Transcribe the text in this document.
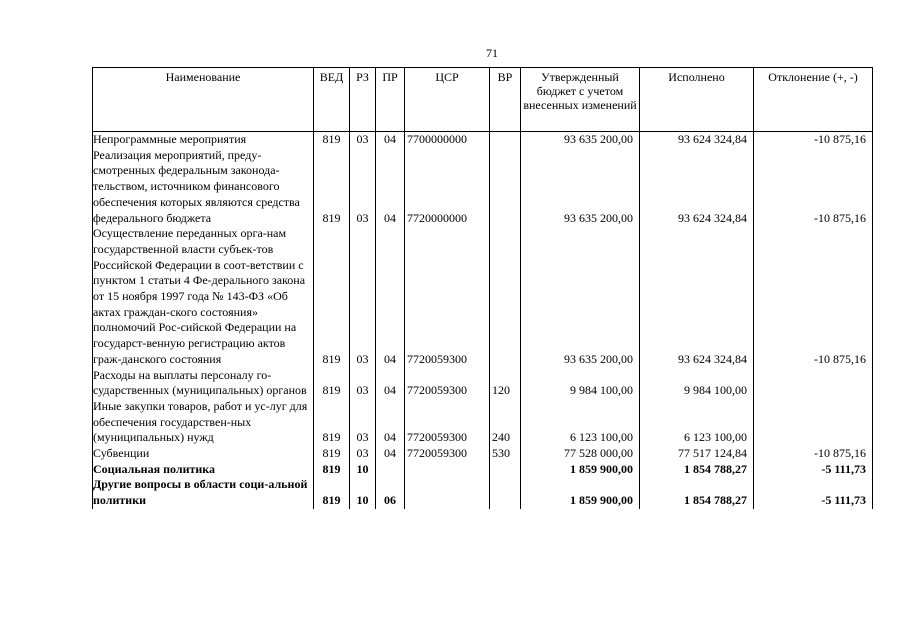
71
Наименование	ВЕД	РЗ	ПР	ЦСР	ВР	Утвержденный бюджет с учетом внесенных изменений	Исполнено	Отклонение (+, -)
Непрограммные мероприятия	819	03	04	7700000000		93 635 200,00	93 624 324,84	-10 875,16
Реализация мероприятий, преду-смотренных федеральным законода-тельством, источником финансового обеспечения которых являются средства федерального бюджета	819	03	04	7720000000		93 635 200,00	93 624 324,84	-10 875,16
Осуществление переданных орга-нам государственной власти субъек-тов Российской Федерации в соот-ветствии с пунктом 1 статьи 4 Фе-дерального закона от 15 ноября 1997 года № 143-ФЗ «Об актах граждан-ского состояния» полномочий Рос-сийской Федерации на государст-венную регистрацию актов граж-данского состояния	819	03	04	7720059300		93 635 200,00	93 624 324,84	-10 875,16
Расходы на выплаты персоналу го-сударственных (муниципальных) органов	819	03	04	7720059300	120	9 984 100,00	9 984 100,00	
Иные закупки товаров, работ и ус-луг для обеспечения государствен-ных (муниципальных) нужд	819	03	04	7720059300	240	6 123 100,00	6 123 100,00	
Субвенции	819	03	04	7720059300	530	77 528 000,00	77 517 124,84	-10 875,16
Социальная политика	819	10				1 859 900,00	1 854 788,27	-5 111,73
Другие вопросы в области соци-альной политики	819	10	06			1 859 900,00	1 854 788,27	-5 111,73
